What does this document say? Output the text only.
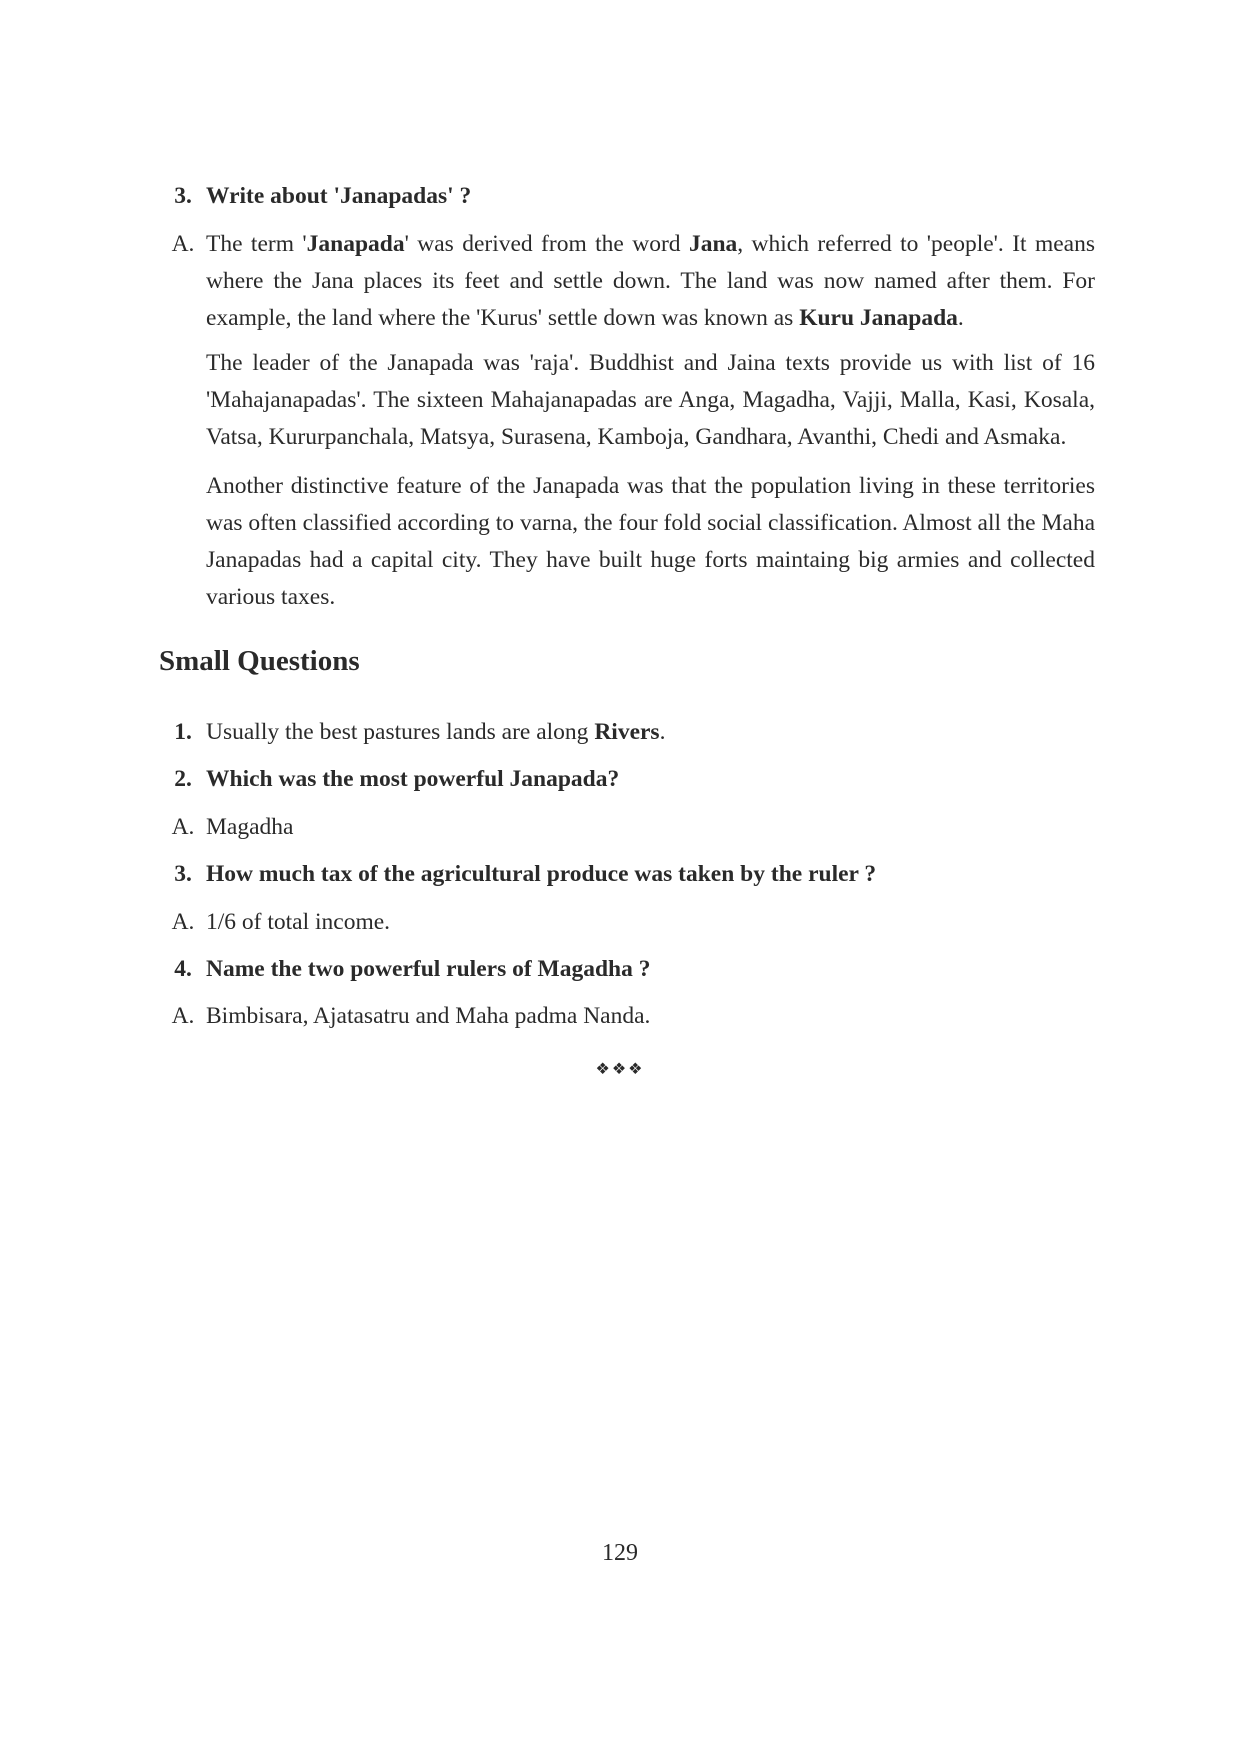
3. Write about 'Janapadas' ?
A. The term 'Janapada' was derived from the word Jana, which referred to 'people'. It means where the Jana places its feet and settle down. The land was now named after them. For example, the land where the 'Kurus' settle down was known as Kuru Janapada.
The leader of the Janapada was 'raja'. Buddhist and Jaina texts provide us with list of 16 'Mahajanapadas'. The sixteen Mahajanapadas are Anga, Magadha, Vajji, Malla, Kasi, Kosala, Vatsa, Kururpanchala, Matsya, Surasena, Kamboja, Gandhara, Avanthi, Chedi and Asmaka.
Another distinctive feature of the Janapada was that the population living in these territories was often classified according to varna, the four fold social classification. Almost all the Maha Janapadas had a capital city. They have built huge forts maintaing big armies and collected various taxes.
Small Questions
1. Usually the best pastures lands are along Rivers.
2. Which was the most powerful Janapada?
A. Magadha
3. How much tax of the agricultural produce was taken by the ruler ?
A. 1/6 of total income.
4. Name the two powerful rulers of Magadha ?
A. Bimbisara, Ajatasatru and Maha padma Nanda.
❖❖❖
129
